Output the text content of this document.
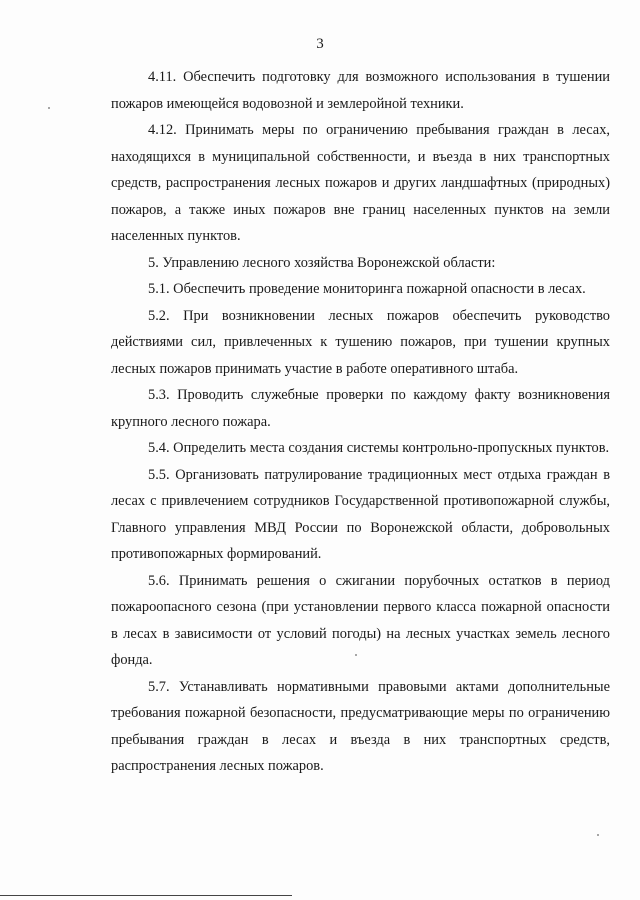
3

4.11. Обеспечить подготовку для возможного использования в тушении пожаров имеющейся водовозной и землеройной техники.

4.12. Принимать меры по ограничению пребывания граждан в лесах, находящихся в муниципальной собственности, и въезда в них транспортных средств, распространения лесных пожаров и других ландшафтных (природных) пожаров, а также иных пожаров вне границ населенных пунктов на земли населенных пунктов.

5. Управлению лесного хозяйства Воронежской области:

5.1. Обеспечить проведение мониторинга пожарной опасности в лесах.

5.2. При возникновении лесных пожаров обеспечить руководство действиями сил, привлеченных к тушению пожаров, при тушении крупных лесных пожаров принимать участие в работе оперативного штаба.

5.3. Проводить служебные проверки по каждому факту возникновения крупного лесного пожара.

5.4. Определить места создания системы контрольно-пропускных пунктов.

5.5. Организовать патрулирование традиционных мест отдыха граждан в лесах с привлечением сотрудников Государственной противопожарной службы, Главного управления МВД России по Воронежской области, добровольных противопожарных формирований.

5.6. Принимать решения о сжигании порубочных остатков в период пожароопасного сезона (при установлении первого класса пожарной опасности в лесах в зависимости от условий погоды) на лесных участках земель лесного фонда.

5.7. Устанавливать нормативными правовыми актами дополнительные требования пожарной безопасности, предусматривающие меры по ограничению пребывания граждан в лесах и въезда в них транспортных средств, распространения лесных пожаров.
